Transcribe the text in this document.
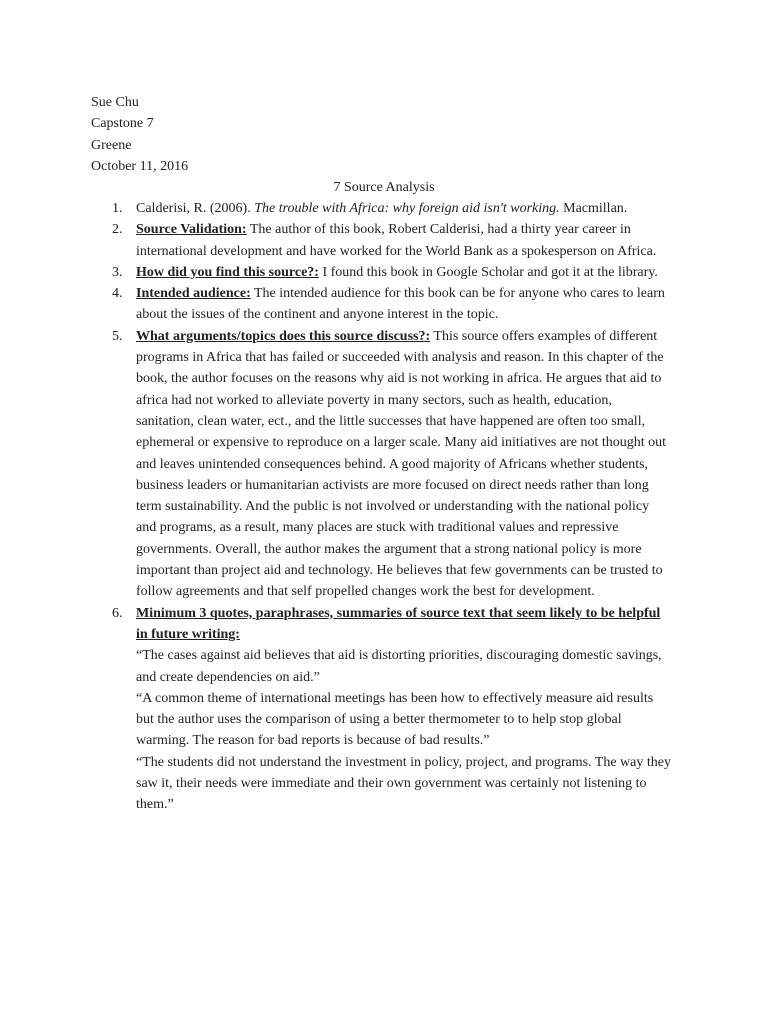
Sue Chu
Capstone 7
Greene
October 11, 2016
7 Source Analysis
1. Calderisi, R. (2006). The trouble with Africa: why foreign aid isn't working. Macmillan.

2. Source Validation: The author of this book, Robert Calderisi, had a thirty year career in international development and have worked for the World Bank as a spokesperson on Africa.

3. How did you find this source?: I found this book in Google Scholar and got it at the library.

4. Intended audience: The intended audience for this book can be for anyone who cares to learn about the issues of the continent and anyone interest in the topic.

5. What arguments/topics does this source discuss?: This source offers examples of different programs in Africa that has failed or succeeded with analysis and reason. In this chapter of the book, the author focuses on the reasons why aid is not working in africa. He argues that aid to africa had not worked to alleviate poverty in many sectors, such as health, education, sanitation, clean water, ect., and the little successes that have happened are often too small, ephemeral or expensive to reproduce on a larger scale. Many aid initiatives are not thought out and leaves unintended consequences behind. A good majority of Africans whether students, business leaders or humanitarian activists are more focused on direct needs rather than long term sustainability. And the public is not involved or understanding with the national policy and programs, as a result, many places are stuck with traditional values and repressive governments. Overall, the author makes the argument that a strong national policy is more important than project aid and technology. He believes that few governments can be trusted to follow agreements and that self propelled changes work the best for development.

6. Minimum 3 quotes, paraphrases, summaries of source text that seem likely to be helpful in future writing:

“The cases against aid believes that aid is distorting priorities, discouraging domestic savings, and create dependencies on aid.”

“A common theme of international meetings has been how to effectively measure aid results but the author uses the comparison of using a better thermometer to to help stop global warming. The reason for bad reports is because of bad results.”

“The students did not understand the investment in policy, project, and programs. The way they saw it, their needs were immediate and their own government was certainly not listening to them.”
